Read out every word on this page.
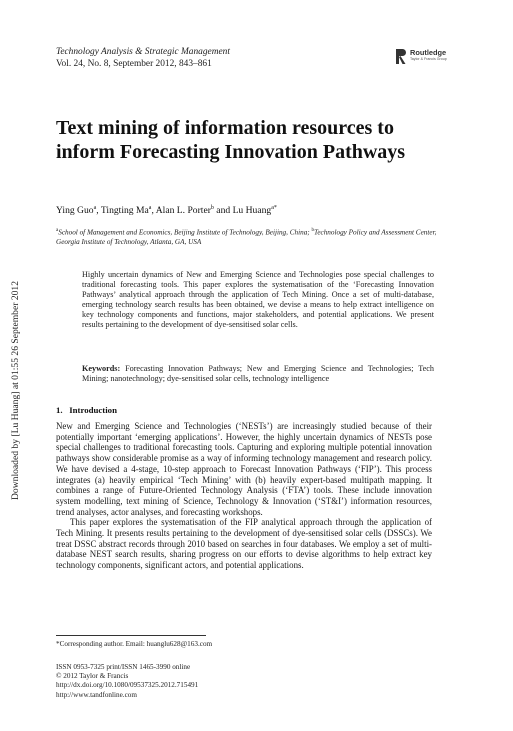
Downloaded by [Lu Huang] at 01:55 26 September 2012
Technology Analysis & Strategic Management
Vol. 24, No. 8, September 2012, 843–861
Routledge
Taylor & Francis Group
Text mining of information resources to
inform Forecasting Innovation Pathways
Ying Guo$^a$, Tingting Ma$^a$, Alan L. Porter$^b$ and Lu Huang$^{a*}$
$^a$School of Management and Economics, Beijing Institute of Technology, Beijing, China; $^b$Technology Policy and Assessment Center, Georgia Institute of Technology, Atlanta, GA, USA
Highly uncertain dynamics of New and Emerging Science and Technologies pose special challenges to traditional forecasting tools. This paper explores the systematisation of the ‘Forecasting Innovation Pathways’ analytical approach through the application of Tech Mining. Once a set of multi-database, emerging technology search results has been obtained, we devise a means to help extract intelligence on key technology components and functions, major stakeholders, and potential applications. We present results pertaining to the development of dye-sensitised solar cells.
Keywords: Forecasting Innovation Pathways; New and Emerging Science and Technologies; Tech Mining; nanotechnology; dye-sensitised solar cells, technology intelligence
1. Introduction

New and Emerging Science and Technologies (‘NESTs’) are increasingly studied because of their potentially important ‘emerging applications’. However, the highly uncertain dynamics of NESTs pose special challenges to traditional forecasting tools. Capturing and exploring multiple potential innovation pathways show considerable promise as a way of informing technology management and research policy. We have devised a 4-stage, 10-step approach to Forecast Innovation Pathways (‘FIP’). This process integrates (a) heavily empirical ‘Tech Mining’ with (b) heavily expert-based multipath mapping. It combines a range of Future-Oriented Technology Analysis (‘FTA’) tools. These include innovation system modelling, text mining of Science, Technology & Innovation (‘ST&I’) information resources, trend analyses, actor analyses, and forecasting workshops.

This paper explores the systematisation of the FIP analytical approach through the application of Tech Mining. It presents results pertaining to the development of dye-sensitised solar cells (DSSCs). We treat DSSC abstract records through 2010 based on searches in four databases. We employ a set of multi-database NEST search results, sharing progress on our efforts to devise algorithms to help extract key technology components, significant actors, and potential applications.

*Corresponding author. Email: huanglu628@163.com
ISSN 0953-7325 print/ISSN 1465-3990 online
© 2012 Taylor & Francis
http://dx.doi.org/10.1080/09537325.2012.715491
http://www.tandfonline.com
